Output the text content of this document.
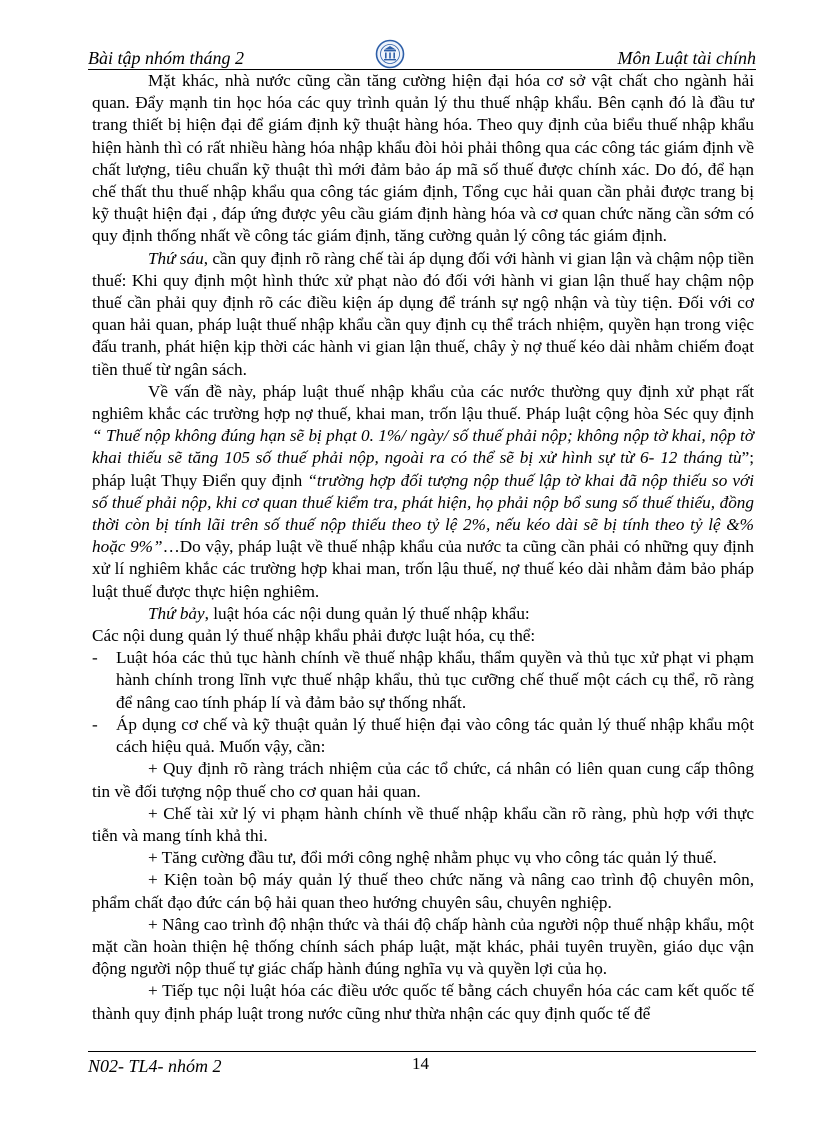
Bài tập nhóm tháng 2	Môn Luật tài chính

Mặt khác, nhà nước cũng cần tăng cường hiện đại hóa cơ sở vật chất cho ngành hải quan. Đẩy mạnh tin học hóa các quy trình quản lý thu thuế nhập khẩu. Bên cạnh đó là đầu tư trang thiết bị hiện đại để giám định kỹ thuật hàng hóa. Theo quy định của biểu thuế nhập khẩu hiện hành thì có rất nhiều hàng hóa nhập khẩu đòi hỏi phải thông qua các công tác giám định về chất lượng, tiêu chuẩn kỹ thuật thì mới đảm bảo áp mã số thuế được chính xác. Do đó, để hạn chế thất thu thuế nhập khẩu qua công tác giám định, Tổng cục hải quan cần phải được trang bị kỹ thuật hiện đại , đáp ứng được yêu cầu giám định hàng hóa và cơ quan chức năng cần sớm có quy định thống nhất về công tác giám định, tăng cường quản lý công tác giám định.

Thứ sáu, cần quy định rõ ràng chế tài áp dụng đối với hành vi gian lận và chậm nộp tiền thuế: Khi quy định một hình thức xử phạt nào đó đối với hành vi gian lận thuế hay chậm nộp thuế cần phải quy định rõ các điều kiện áp dụng để tránh sự ngộ nhận và tùy tiện. Đối với cơ quan hải quan, pháp luật thuế nhập khẩu cần quy định cụ thể trách nhiệm, quyền hạn trong việc đấu tranh, phát hiện kịp thời các hành vi gian lận thuế, chây ỳ nợ thuế kéo dài nhằm chiếm đoạt tiền thuế từ ngân sách.

Về vấn đề này, pháp luật thuế nhập khẩu của các nước thường quy định xử phạt rất nghiêm khắc các trường hợp nợ thuế, khai man, trốn lậu thuế. Pháp luật cộng hòa Séc quy định “ Thuế nộp không đúng hạn sẽ bị phạt 0. 1%/ ngày/ số thuế phải nộp; không nộp tờ khai, nộp tờ khai thiếu sẽ tăng 105 số thuế phải nộp, ngoài ra có thể sẽ bị xử hình sự từ 6- 12 tháng tù”; pháp luật Thụy Điển quy định “trường hợp đối tượng nộp thuế lập tờ khai đã nộp thiếu so với số thuế phải nộp, khi cơ quan thuế kiểm tra, phát hiện, họ phải nộp bổ sung số thuế thiếu, đồng thời còn bị tính lãi trên số thuế nộp thiếu theo tỷ lệ 2%, nếu kéo dài sẽ bị tính theo tỷ lệ &% hoặc 9%”…Do vậy, pháp luật về thuế nhập khẩu của nước ta cũng cần phải có những quy định xử lí nghiêm khắc các trường hợp khai man, trốn lậu thuế, nợ thuế kéo dài nhằm đảm bảo pháp luật thuế được thực hiện nghiêm.

Thứ bảy, luật hóa các nội dung quản lý thuế nhập khẩu:

Các nội dung quản lý thuế nhập khẩu phải được luật hóa, cụ thể:

- Luật hóa các thủ tục hành chính về thuế nhập khẩu, thẩm quyền và thủ tục xử phạt vi phạm hành chính trong lĩnh vực thuế nhập khẩu, thủ tục cưỡng chế thuế một cách cụ thể, rõ ràng để nâng cao tính pháp lí và đảm bảo sự thống nhất.

- Áp dụng cơ chế và kỹ thuật quản lý thuế hiện đại vào công tác quản lý thuế nhập khẩu một cách hiệu quả. Muốn vậy, cần:

+ Quy định rõ ràng trách nhiệm của các tổ chức, cá nhân có liên quan cung cấp thông tin về đối tượng nộp thuế cho cơ quan hải quan.

+ Chế tài xử lý vi phạm hành chính về thuế nhập khẩu cần rõ ràng, phù hợp với thực tiễn và mang tính khả thi.

+ Tăng cường đầu tư, đổi mới công nghệ nhằm phục vụ vho công tác quản lý thuế.

+ Kiện toàn bộ máy quản lý thuế theo chức năng và nâng cao trình độ chuyên môn, phẩm chất đạo đức cán bộ hải quan theo hướng chuyên sâu, chuyên nghiệp.

+ Nâng cao trình độ nhận thức và thái độ chấp hành của người nộp thuế nhập khẩu, một mặt cần hoàn thiện hệ thống chính sách pháp luật, mặt khác, phải tuyên truyền, giáo dục vận động người nộp thuế tự giác chấp hành đúng nghĩa vụ và quyền lợi của họ.

+ Tiếp tục nội luật hóa các điều ước quốc tế bằng cách chuyển hóa các cam kết quốc tế thành quy định pháp luật trong nước cũng như thừa nhận các quy định quốc tế để

N02- TL4- nhóm 2	14
